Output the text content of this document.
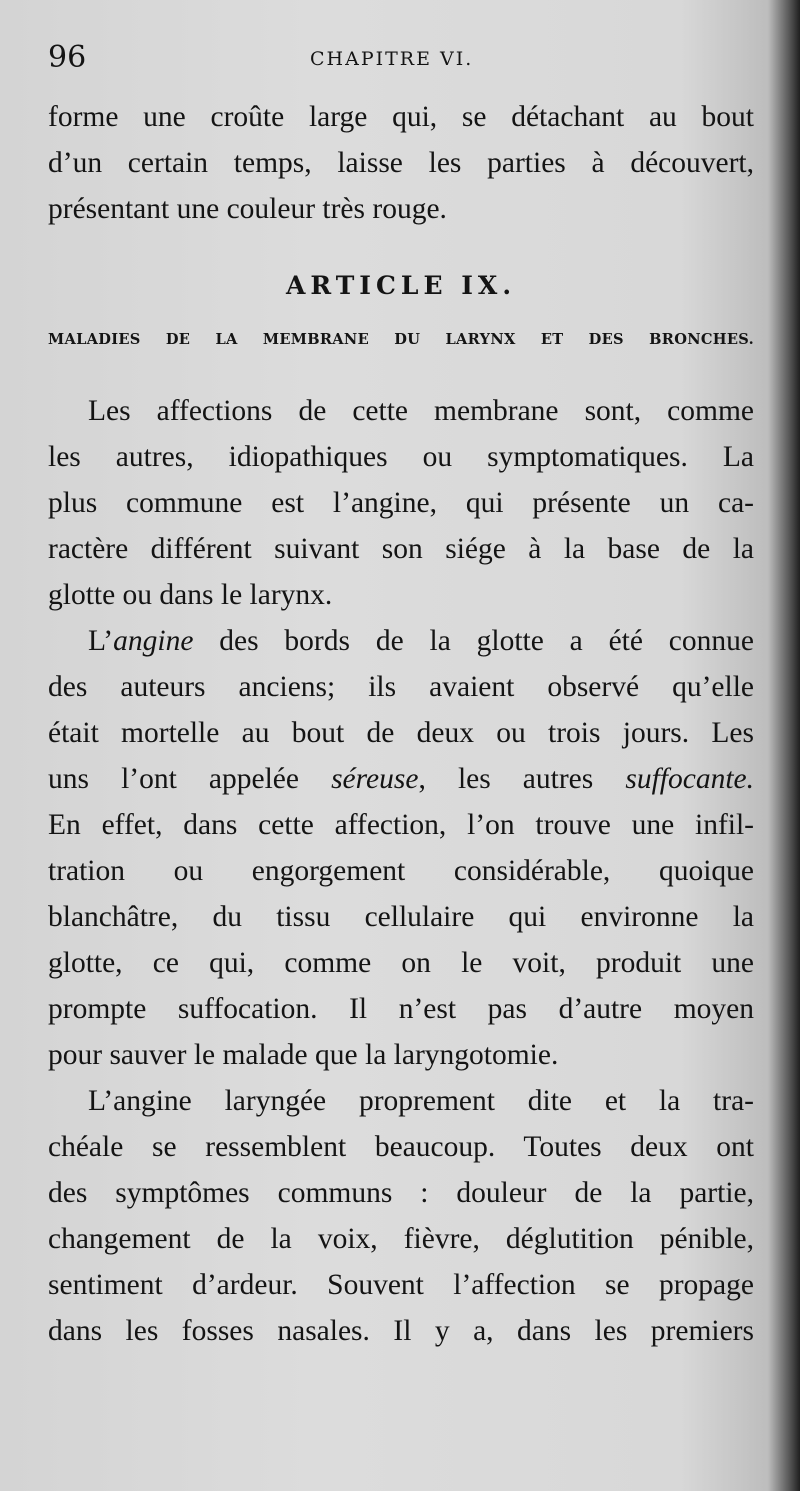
96	CHAPITRE VI.
forme une croûte large qui, se détachant au bout
d’un certain temps, laisse les parties à découvert,
présentant une couleur très rouge.
ARTICLE IX.
MALADIES DE LA MEMBRANE DU LARYNX ET DES BRONCHES.
Les affections de cette membrane sont, comme
les autres, idiopathiques ou symptomatiques. La
plus commune est l’angine, qui présente un ca-
ractère différent suivant son siége à la base de la
glotte ou dans le larynx.
L’angine des bords de la glotte a été connue
des auteurs anciens; ils avaient observé qu’elle
était mortelle au bout de deux ou trois jours. Les
uns l’ont appelée séreuse, les autres suffocante.
En effet, dans cette affection, l’on trouve une infil-
tration ou engorgement considérable, quoique
blanchâtre, du tissu cellulaire qui environne la
glotte, ce qui, comme on le voit, produit une
prompte suffocation. Il n’est pas d’autre moyen
pour sauver le malade que la laryngotomie.
L’angine laryngée proprement dite et la tra-
chéale se ressemblent beaucoup. Toutes deux ont
des symptômes communs : douleur de la partie,
changement de la voix, fièvre, déglutition pénible,
sentiment d’ardeur. Souvent l’affection se propage
dans les fosses nasales. Il y a, dans les premiers
